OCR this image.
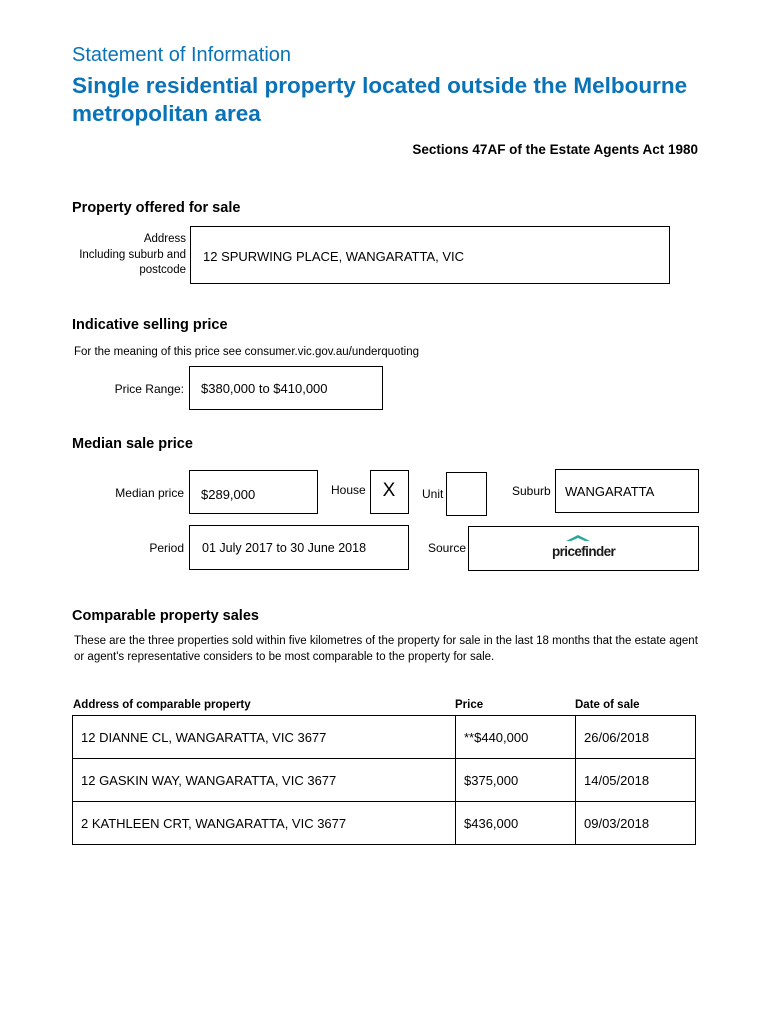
Statement of Information
Single residential property located outside the Melbourne metropolitan area
Sections 47AF of the Estate Agents Act 1980
Property offered for sale
Address
Including suburb and
postcode
12 SPURWING PLACE, WANGARATTA, VIC
Indicative selling price
For the meaning of this price see consumer.vic.gov.au/underquoting
Price Range: $380,000 to $410,000
Median sale price
Median price $289,000	House X	Unit	Suburb WANGARATTA
Period 01 July 2017 to 30 June 2018	Source	pricefinder
Comparable property sales
These are the three properties sold within five kilometres of the property for sale in the last 18 months that the estate agent or agent's representative considers to be most comparable to the property for sale.
Address of comparable property	Price	Date of sale
12 DIANNE CL, WANGARATTA, VIC 3677	**$440,000	26/06/2018
12 GASKIN WAY, WANGARATTA, VIC 3677	$375,000	14/05/2018
2 KATHLEEN CRT, WANGARATTA, VIC 3677	$436,000	09/03/2018
